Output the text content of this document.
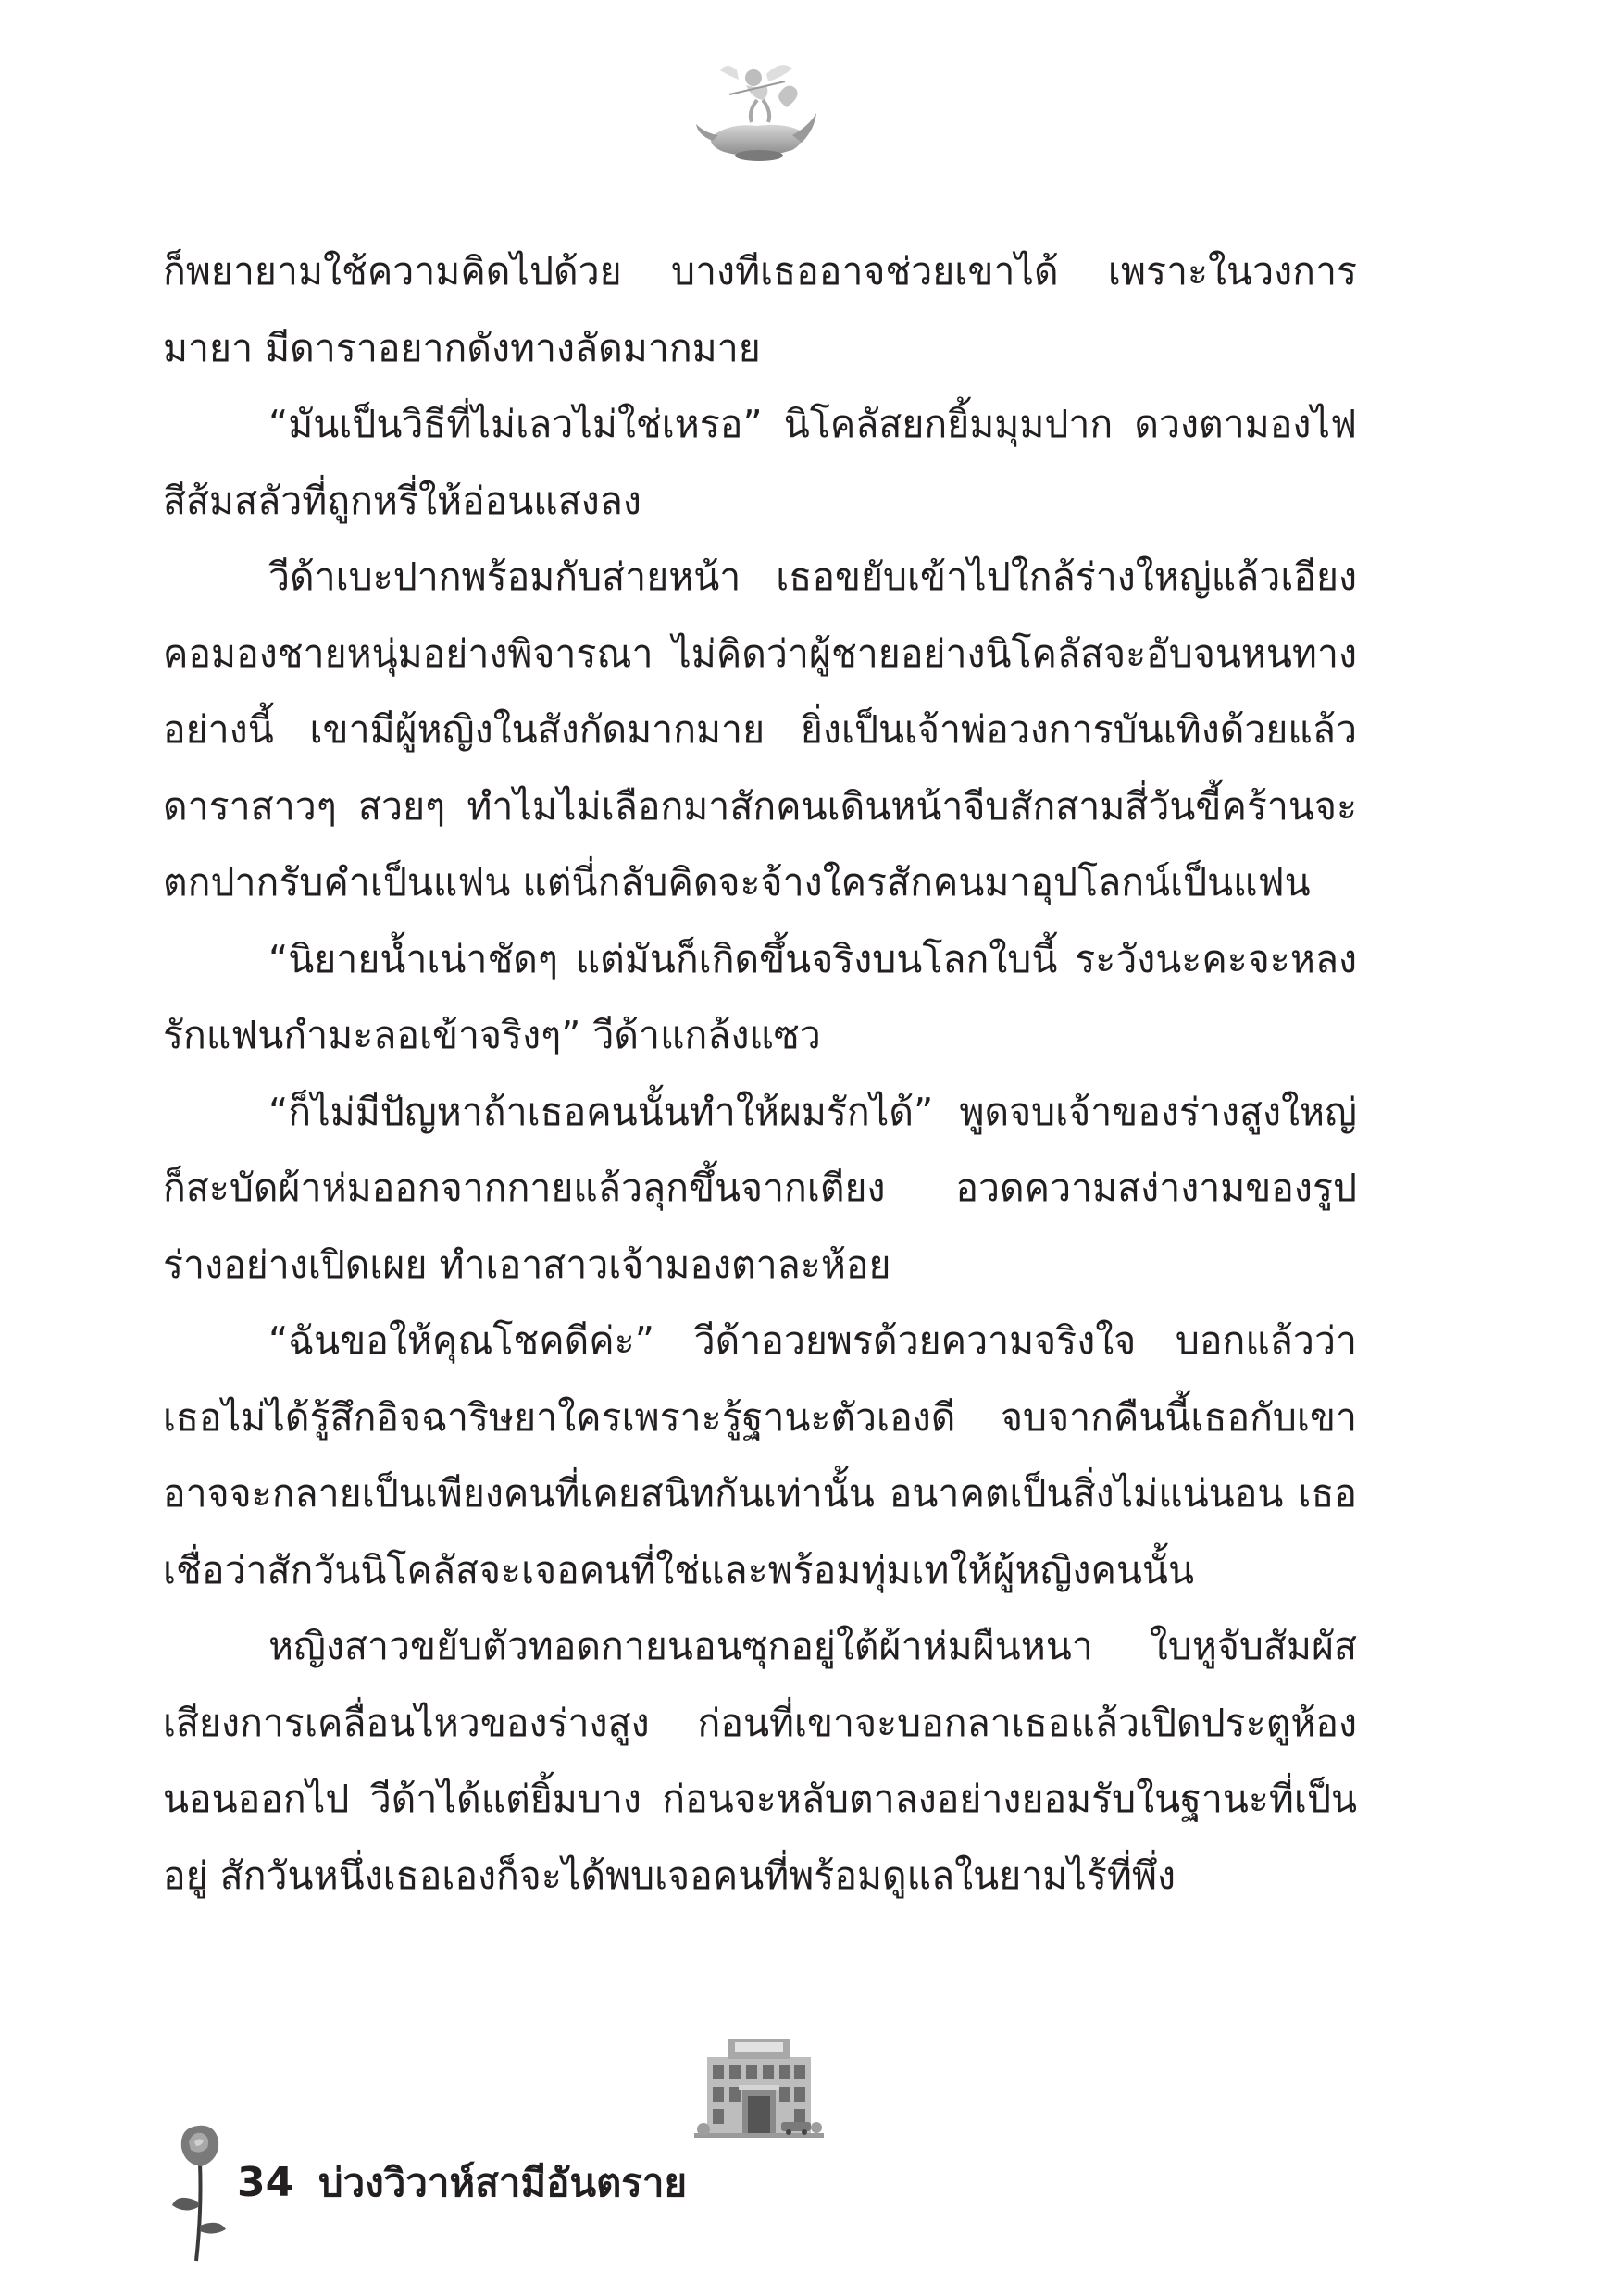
ก็พยายามใช้ความคิดไปด้วย บางทีเธออาจช่วยเขาได้ เพราะในวงการมายา มีดาราอยากดังทางลัดมากมาย

“มันเป็นวิธีที่ไม่เลวไม่ใช่เหรอ” นิโคลัสยกยิ้มมุมปาก ดวงตามองไฟสีส้มสลัวที่ถูกหรี่ให้อ่อนแสงลง

วีด้าเบะปากพร้อมกับส่ายหน้า เธอขยับเข้าไปใกล้ร่างใหญ่แล้วเอียงคอมองชายหนุ่มอย่างพิจารณา ไม่คิดว่าผู้ชายอย่างนิโคลัสจะอับจนหนทางอย่างนี้ เขามีผู้หญิงในสังกัดมากมาย ยิ่งเป็นเจ้าพ่อวงการบันเทิงด้วยแล้ว ดาราสาวๆ สวยๆ ทำไมไม่เลือกมาสักคนเดินหน้าจีบสักสามสี่วันขี้คร้านจะตกปากรับคำเป็นแฟน แต่นี่กลับคิดจะจ้างใครสักคนมาอุปโลกน์เป็นแฟน

“นิยายน้ำเน่าชัดๆ แต่มันก็เกิดขึ้นจริงบนโลกใบนี้ ระวังนะคะจะหลงรักแฟนกำมะลอเข้าจริงๆ” วีด้าแกล้งแซว

“ก็ไม่มีปัญหาถ้าเธอคนนั้นทำให้ผมรักได้” พูดจบเจ้าของร่างสูงใหญ่ก็สะบัดผ้าห่มออกจากกายแล้วลุกขึ้นจากเตียง อวดความสง่างามของรูปร่างอย่างเปิดเผย ทำเอาสาวเจ้ามองตาละห้อย

“ฉันขอให้คุณโชคดีค่ะ” วีด้าอวยพรด้วยความจริงใจ บอกแล้วว่าเธอไม่ได้รู้สึกอิจฉาริษยาใครเพราะรู้ฐานะตัวเองดี จบจากคืนนี้เธอกับเขาอาจจะกลายเป็นเพียงคนที่เคยสนิทกันเท่านั้น อนาคตเป็นสิ่งไม่แน่นอน เธอเชื่อว่าสักวันนิโคลัสจะเจอคนที่ใช่และพร้อมทุ่มเทให้ผู้หญิงคนนั้น

หญิงสาวขยับตัวทอดกายนอนซุกอยู่ใต้ผ้าห่มผืนหนา ใบหูจับสัมผัสเสียงการเคลื่อนไหวของร่างสูง ก่อนที่เขาจะบอกลาเธอแล้วเปิดประตูห้องนอนออกไป วีด้าได้แต่ยิ้มบาง ก่อนจะหลับตาลงอย่างยอมรับในฐานะที่เป็นอยู่ สักวันหนึ่งเธอเองก็จะได้พบเจอคนที่พร้อมดูแลในยามไร้ที่พึ่ง

34 บ่วงวิวาห์สามีอันตราย
